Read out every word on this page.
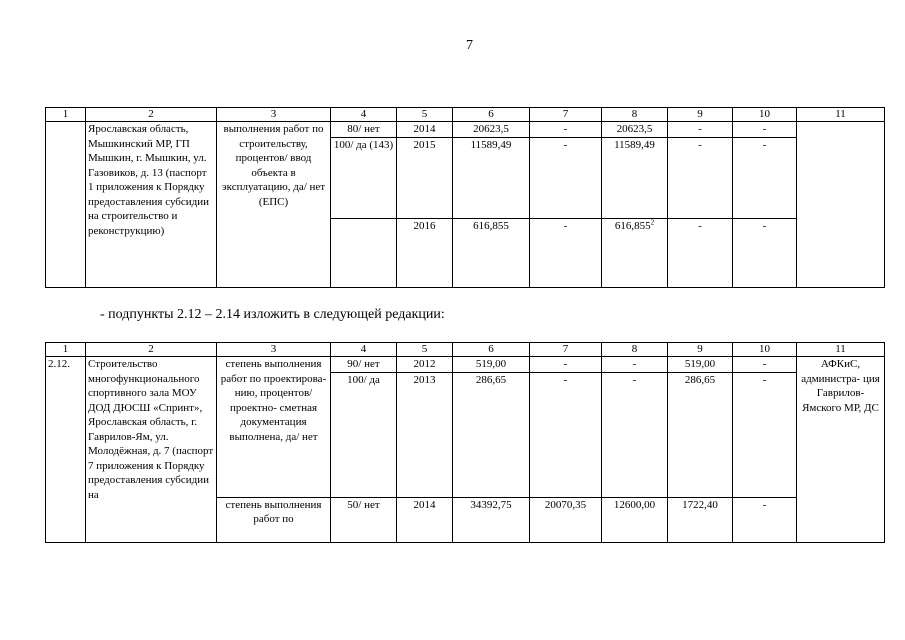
7
1	2	3	4	5	6	7	8	9	10	11
	Ярославская область, Мышкинский МР, ГП Мышкин, г. Мышкин, ул. Газовиков, д. 13 (паспорт 1 приложения к Порядку предоставления субсидии на строительство и реконструкцию)	выполнения работ по строительству, процентов/ ввод объекта в эксплуатацию, да/ нет (ЕПС)	80/ нет	2014	20623,5	-	20623,5	-	-	
			100/ да (143)	2015	11589,49	-	11589,49	-	-	
				2016	616,855	-	616,855$^2$	-	-	
- подпункты 2.12 – 2.14 изложить в следующей редакции:
1	2	3	4	5	6	7	8	9	10	11
2.12.	Строительство многофункционального спортивного зала МОУ ДОД ДЮСШ «Спринт», Ярославская область, г. Гаврилов-Ям, ул. Молодёжная, д. 7 (паспорт 7 приложения к Порядку предоставления субсидии на	степень выполнения работ по проектирова- нию, процентов/ проектно- сметная документация выполнена, да/ нет	90/ нет	2012	519,00	-	-	519,00	-	АФКиС, администра- ция Гаврилов- Ямского МР, ДС
			100/ да	2013	286,65	-	-	286,65	-	
		степень выполнения работ по	50/ нет	2014	34392,75	20070,35	12600,00	1722,40	-	
